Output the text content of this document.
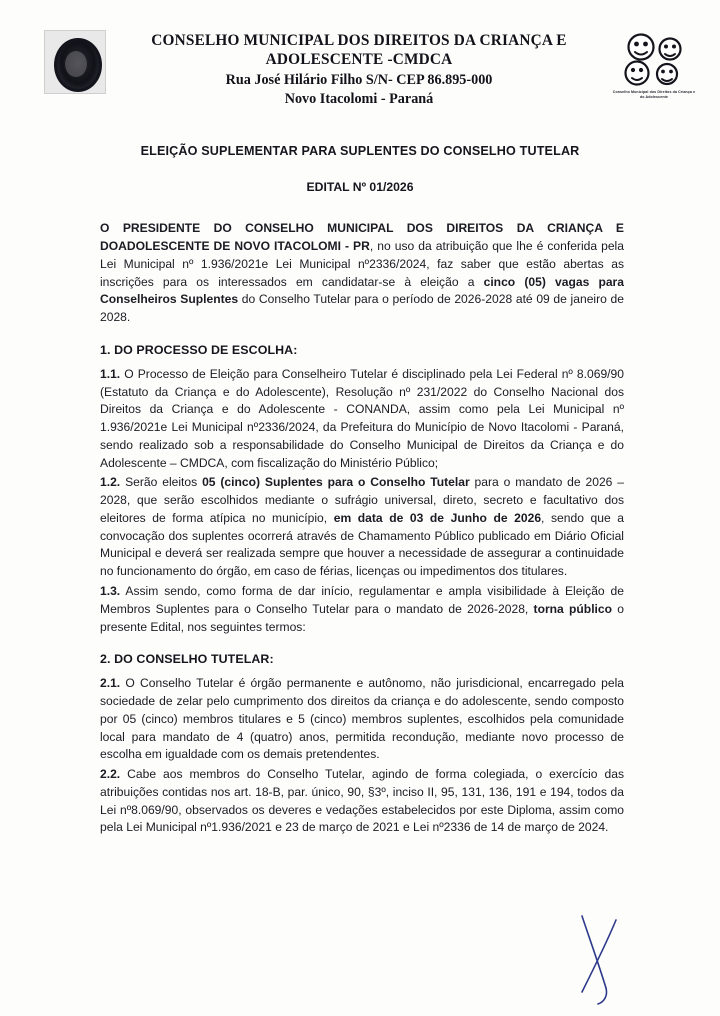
CONSELHO MUNICIPAL DOS DIREITOS DA CRIANÇA E
ADOLESCENTE -CMDCA
Rua José Hilário Filho S/N- CEP 86.895-000
Novo Itacolomi - Paraná	Conselho Municipal dos Direitos da Criança e do Adolescente
ELEIÇÃO SUPLEMENTAR PARA SUPLENTES DO CONSELHO TUTELAR
EDITAL Nº 01/2026

O PRESIDENTE DO CONSELHO MUNICIPAL DOS DIREITOS DA CRIANÇA E DOADOLESCENTE DE NOVO ITACOLOMI - PR, no uso da atribuição que lhe é conferida pela Lei Municipal nº 1.936/2021e Lei Municipal nº2336/2024, faz saber que estão abertas as inscrições para os interessados em candidatar-se à eleição a cinco (05) vagas para Conselheiros Suplentes do Conselho Tutelar para o período de 2026-2028 até 09 de janeiro de 2028.

1. DO PROCESSO DE ESCOLHA:

1.1. O Processo de Eleição para Conselheiro Tutelar é disciplinado pela Lei Federal nº 8.069/90 (Estatuto da Criança e do Adolescente), Resolução nº 231/2022 do Conselho Nacional dos Direitos da Criança e do Adolescente - CONANDA, assim como pela Lei Municipal nº 1.936/2021e Lei Municipal nº2336/2024, da Prefeitura do Município de Novo Itacolomi - Paraná, sendo realizado sob a responsabilidade do Conselho Municipal de Direitos da Criança e do Adolescente – CMDCA, com fiscalização do Ministério Público;

1.2. Serão eleitos 05 (cinco) Suplentes para o Conselho Tutelar para o mandato de 2026 – 2028, que serão escolhidos mediante o sufrágio universal, direto, secreto e facultativo dos eleitores de forma atípica no município, em data de 03 de Junho de 2026, sendo que a convocação dos suplentes ocorrerá através de Chamamento Público publicado em Diário Oficial Municipal e deverá ser realizada sempre que houver a necessidade de assegurar a continuidade no funcionamento do órgão, em caso de férias, licenças ou impedimentos dos titulares.

1.3. Assim sendo, como forma de dar início, regulamentar e ampla visibilidade à Eleição de Membros Suplentes para o Conselho Tutelar para o mandato de 2026-2028, torna público o presente Edital, nos seguintes termos:

2. DO CONSELHO TUTELAR:

2.1. O Conselho Tutelar é órgão permanente e autônomo, não jurisdicional, encarregado pela sociedade de zelar pelo cumprimento dos direitos da criança e do adolescente, sendo composto por 05 (cinco) membros titulares e 5 (cinco) membros suplentes, escolhidos pela comunidade local para mandato de 4 (quatro) anos, permitida recondução, mediante novo processo de escolha em igualdade com os demais pretendentes.

2.2. Cabe aos membros do Conselho Tutelar, agindo de forma colegiada, o exercício das atribuições contidas nos art. 18-B, par. único, 90, §3º, inciso II, 95, 131, 136, 191 e 194, todos da Lei nº8.069/90, observados os deveres e vedações estabelecidos por este Diploma, assim como pela Lei Municipal nº1.936/2021 e 23 de março de 2021 e Lei nº2336 de 14 de março de 2024.
